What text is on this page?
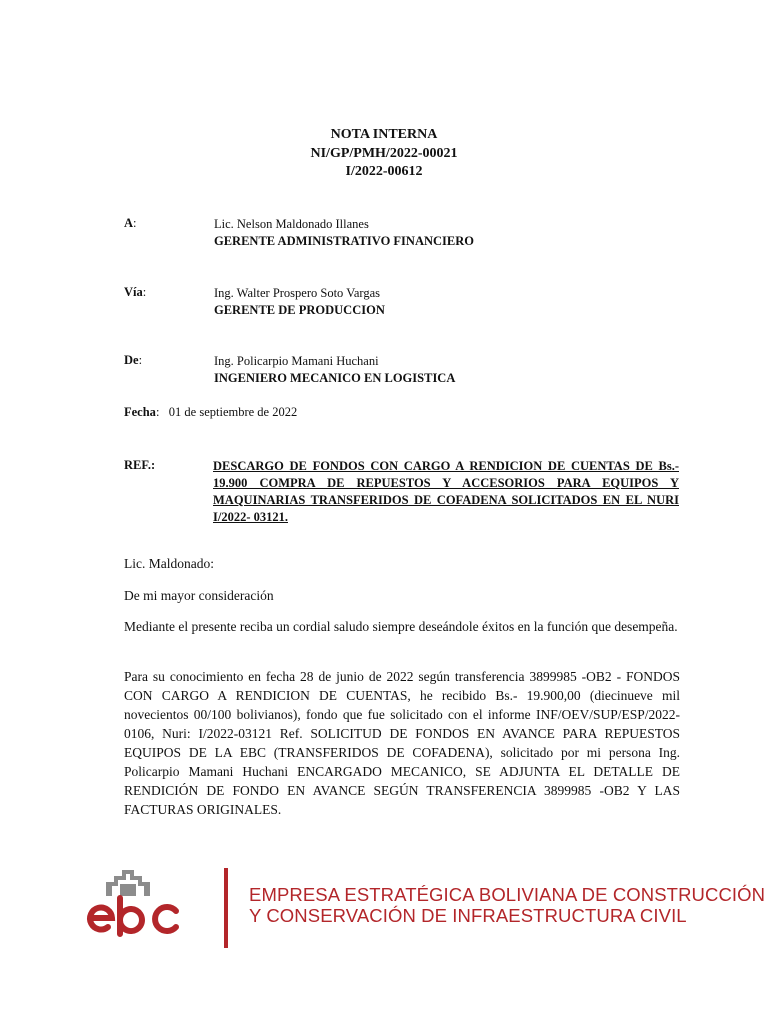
NOTA INTERNA
NI/GP/PMH/2022-00021
I/2022-00612
A:	Lic. Nelson Maldonado Illanes
GERENTE ADMINISTRATIVO FINANCIERO
Vía:	Ing. Walter Prospero Soto Vargas
GERENTE DE PRODUCCION
De:	Ing. Policarpio Mamani Huchani
INGENIERO MECANICO EN LOGISTICA
Fecha:   01 de septiembre de 2022
REF.:	DESCARGO DE FONDOS CON CARGO A RENDICION DE CUENTAS DE Bs.- 19.900 COMPRA DE REPUESTOS Y ACCESORIOS PARA EQUIPOS Y MAQUINARIAS TRANSFERIDOS DE COFADENA SOLICITADOS EN EL NURI I/2022- 03121.
Lic. Maldonado:
De mi mayor consideración
Mediante el presente reciba un cordial saludo siempre deseándole éxitos en la función que desempeña.
Para su conocimiento en fecha 28 de junio de 2022 según transferencia 3899985 -OB2 - FONDOS CON CARGO A RENDICION DE CUENTAS, he recibido Bs.- 19.900,00 (diecinueve mil novecientos 00/100 bolivianos), fondo que fue solicitado con el informe INF/OEV/SUP/ESP/2022-0106, Nuri: I/2022-03121 Ref. SOLICITUD DE FONDOS EN AVANCE PARA REPUESTOS EQUIPOS DE LA EBC (TRANSFERIDOS DE COFADENA), solicitado por mi persona Ing. Policarpio Mamani Huchani ENCARGADO MECANICO, SE ADJUNTA EL DETALLE DE RENDICIÓN DE FONDO EN AVANCE SEGÚN TRANSFERENCIA 3899985 -OB2 Y LAS FACTURAS ORIGINALES.
ebc
EMPRESA ESTRATÉGICA BOLIVIANA DE CONSTRUCCIÓN
Y CONSERVACIÓN DE INFRAESTRUCTURA CIVIL
